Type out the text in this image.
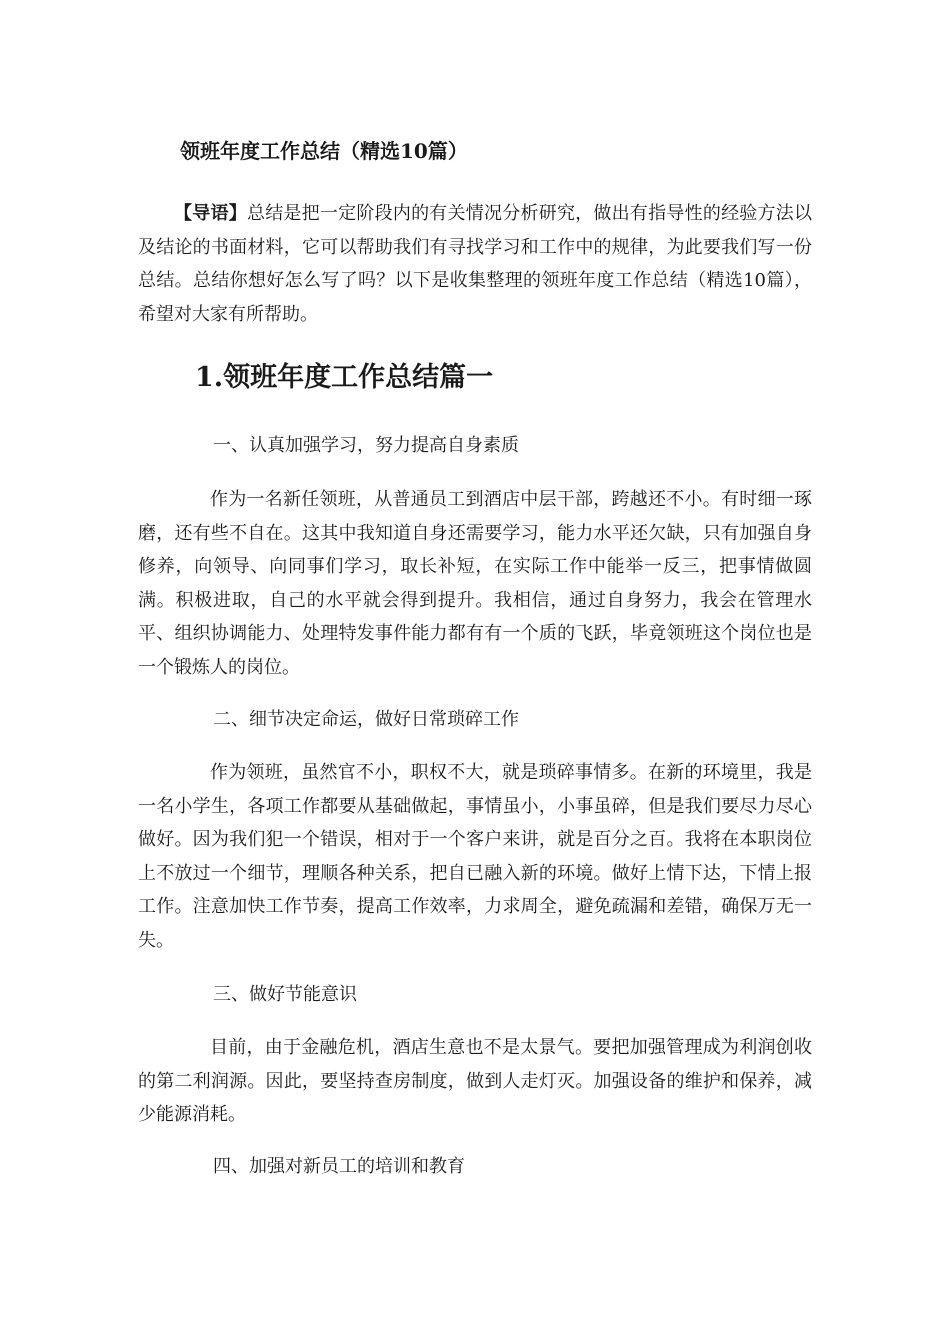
领班年度工作总结（精选10篇）

【导语】总结是把一定阶段内的有关情况分析研究，做出有指导性的经验方法以及结论的书面材料，它可以帮助我们有寻找学习和工作中的规律，为此要我们写一份总结。总结你想好怎么写了吗？以下是收集整理的领班年度工作总结（精选10篇），希望对大家有所帮助。

1.领班年度工作总结篇一
一、认真加强学习，努力提高自身素质

作为一名新任领班，从普通员工到酒店中层干部，跨越还不小。有时细一琢磨，还有些不自在。这其中我知道自身还需要学习，能力水平还欠缺，只有加强自身修养，向领导、向同事们学习，取长补短，在实际工作中能举一反三，把事情做圆满。积极进取，自己的水平就会得到提升。我相信，通过自身努力，我会在管理水平、组织协调能力、处理特发事件能力都有有一个质的飞跃，毕竟领班这个岗位也是一个锻炼人的岗位。

二、细节决定命运，做好日常琐碎工作

作为领班，虽然官不小，职权不大，就是琐碎事情多。在新的环境里，我是一名小学生，各项工作都要从基础做起，事情虽小，小事虽碎，但是我们要尽力尽心做好。因为我们犯一个错误，相对于一个客户来讲，就是百分之百。我将在本职岗位上不放过一个细节，理顺各种关系，把自已融入新的环境。做好上情下达，下情上报工作。注意加快工作节奏，提高工作效率，力求周全，避免疏漏和差错，确保万无一失。

三、做好节能意识

目前，由于金融危机，酒店生意也不是太景气。要把加强管理成为利润创收的第二利润源。因此，要坚持查房制度，做到人走灯灭。加强设备的维护和保养，减少能源消耗。

四、加强对新员工的培训和教育
